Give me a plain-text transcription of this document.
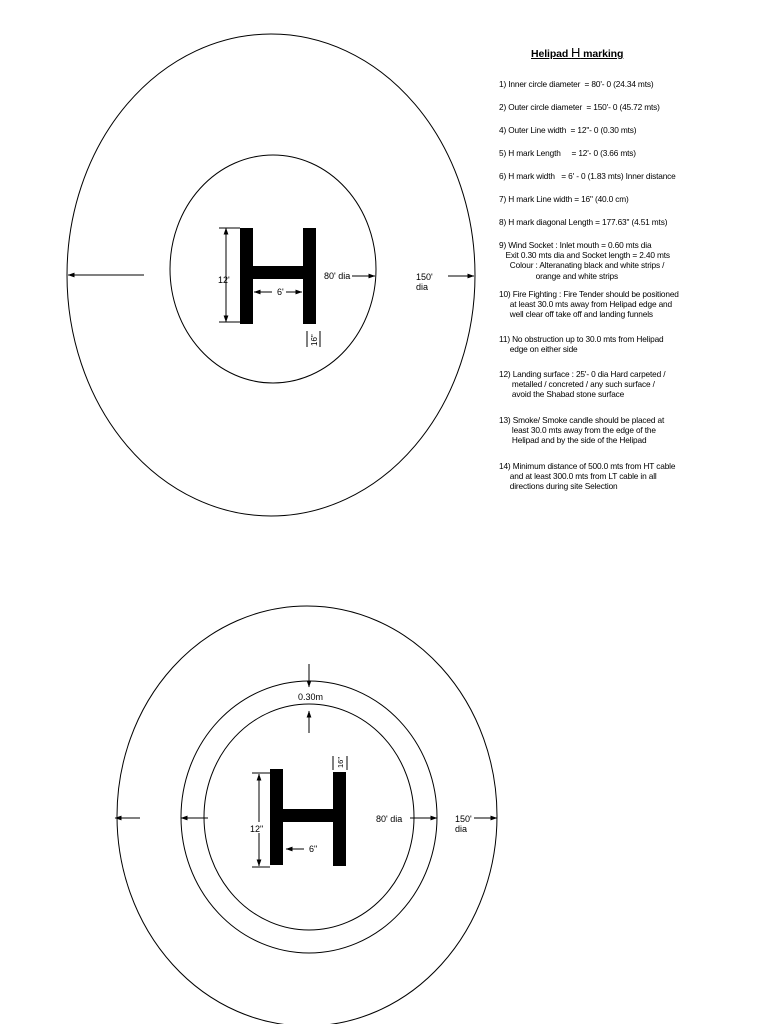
12'
6'
16"
80' dia	150'
dia
0.30m
16"
12"
6"
80' dia	150'
dia
Helipad H marking
1) Inner circle diameter  = 80'- 0 (24.34 mts)
2) Outer circle diameter  = 150'- 0 (45.72 mts)
4) Outer Line width  = 12"- 0 (0.30 mts)
5) H mark Length     = 12'- 0 (3.66 mts)
6) H mark width   = 6' - 0 (1.83 mts) Inner distance
7) H mark Line width = 16" (40.0 cm)
8) H mark diagonal Length = 177.63" (4.51 mts)
9) Wind Socket : Inlet mouth = 0.60 mts dia
Exit 0.30 mts dia and Socket length = 2.40 mts
Colour : Alteranating black and white strips /
orange and white strips
10) Fire Fighting : Fire Tender should be positioned
at least 30.0 mts away from Helipad edge and
well clear off take off and landing funnels
11) No obstruction up to 30.0 mts from Helipad
edge on either side
12) Landing surface : 25'- 0 dia Hard carpeted /
metalled / concreted / any such surface /
avoid the Shabad stone surface
13) Smoke/ Smoke candle should be placed at
least 30.0 mts away from the edge of the
Helipad and by the side of the Helipad
14) Minimum distance of 500.0 mts from HT cable
and at least 300.0 mts from LT cable in all
directions during site Selection
